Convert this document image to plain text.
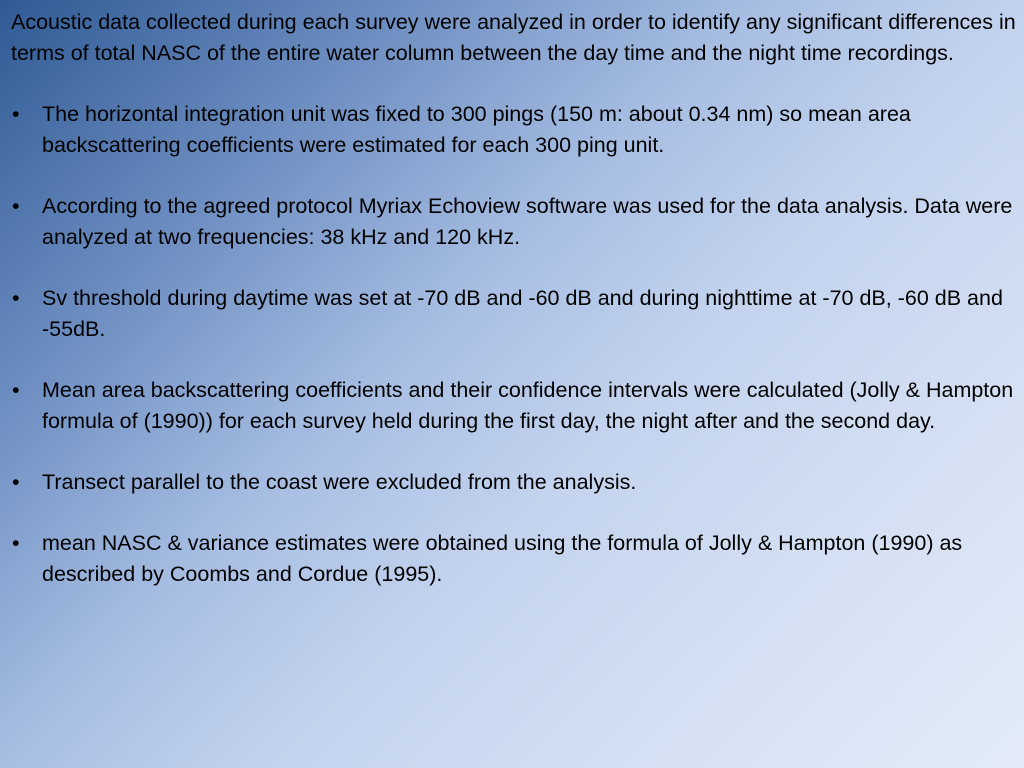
Acoustic data collected during each survey were analyzed in order to identify any significant differences in terms of total NASC of the entire water column between the day time and the night time recordings.

• The horizontal integration unit was fixed to 300 pings (150 m: about 0.34 nm) so mean area backscattering coefficients were estimated for each 300 ping unit.
• According to the agreed protocol Myriax Echoview software was used for the data analysis. Data were analyzed at two frequencies: 38 kHz and 120 kHz.
• Sv threshold during daytime was set at -70 dB and -60 dB and during nighttime at -70 dB, -60 dB and -55dB.
• Mean area backscattering coefficients and their confidence intervals were calculated (Jolly & Hampton formula of (1990)) for each survey held during the first day, the night after and the second day.
• Transect parallel to the coast were excluded from the analysis.
• mean NASC & variance estimates were obtained using the formula of Jolly & Hampton (1990) as described by Coombs and Cordue (1995).
